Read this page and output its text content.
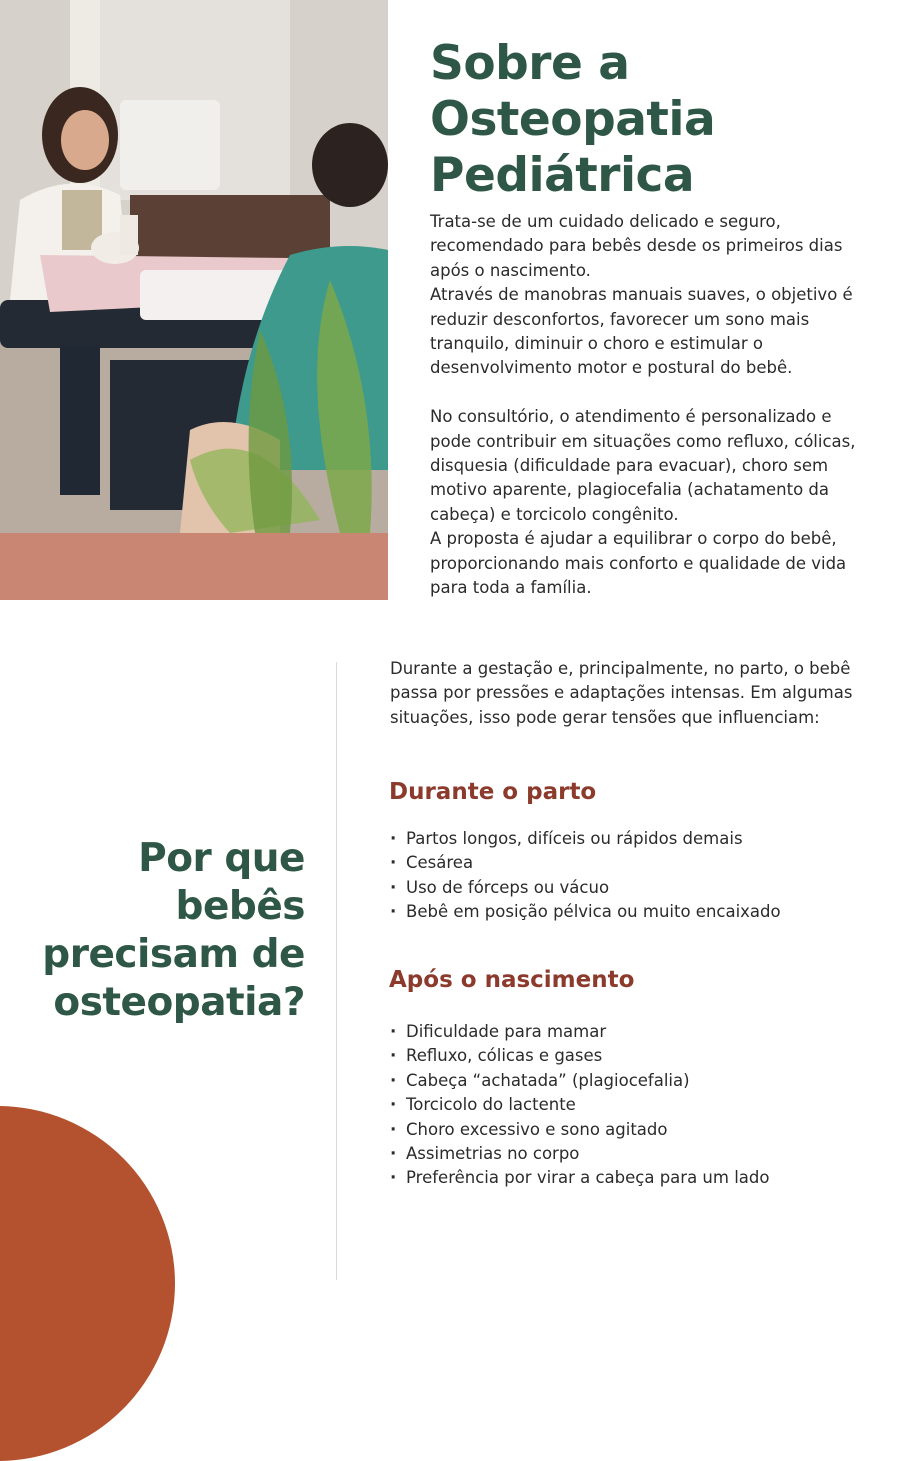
Sobre a Osteopatia Pediátrica

Trata-se de um cuidado delicado e seguro, recomendado para bebês desde os primeiros dias após o nascimento.

Através de manobras manuais suaves, o objetivo é reduzir desconfortos, favorecer um sono mais tranquilo, diminuir o choro e estimular o desenvolvimento motor e postural do bebê.

No consultório, o atendimento é personalizado e pode contribuir em situações como refluxo, cólicas, disquesia (dificuldade para evacuar), choro sem motivo aparente, plagiocefalia (achatamento da cabeça) e torcicolo congênito.

A proposta é ajudar a equilibrar o corpo do bebê, proporcionando mais conforto e qualidade de vida para toda a família.

Por que bebês precisam de osteopatia?

Durante a gestação e, principalmente, no parto, o bebê passa por pressões e adaptações intensas. Em algumas situações, isso pode gerar tensões que influenciam:

Durante o parto
· Partos longos, difíceis ou rápidos demais
· Cesárea
· Uso de fórceps ou vácuo
· Bebê em posição pélvica ou muito encaixado
Após o nascimento
· Dificuldade para mamar
· Refluxo, cólicas e gases
· Cabeça “achatada” (plagiocefalia)
· Torcicolo do lactente
· Choro excessivo e sono agitado
· Assimetrias no corpo
· Preferência por virar a cabeça para um lado
